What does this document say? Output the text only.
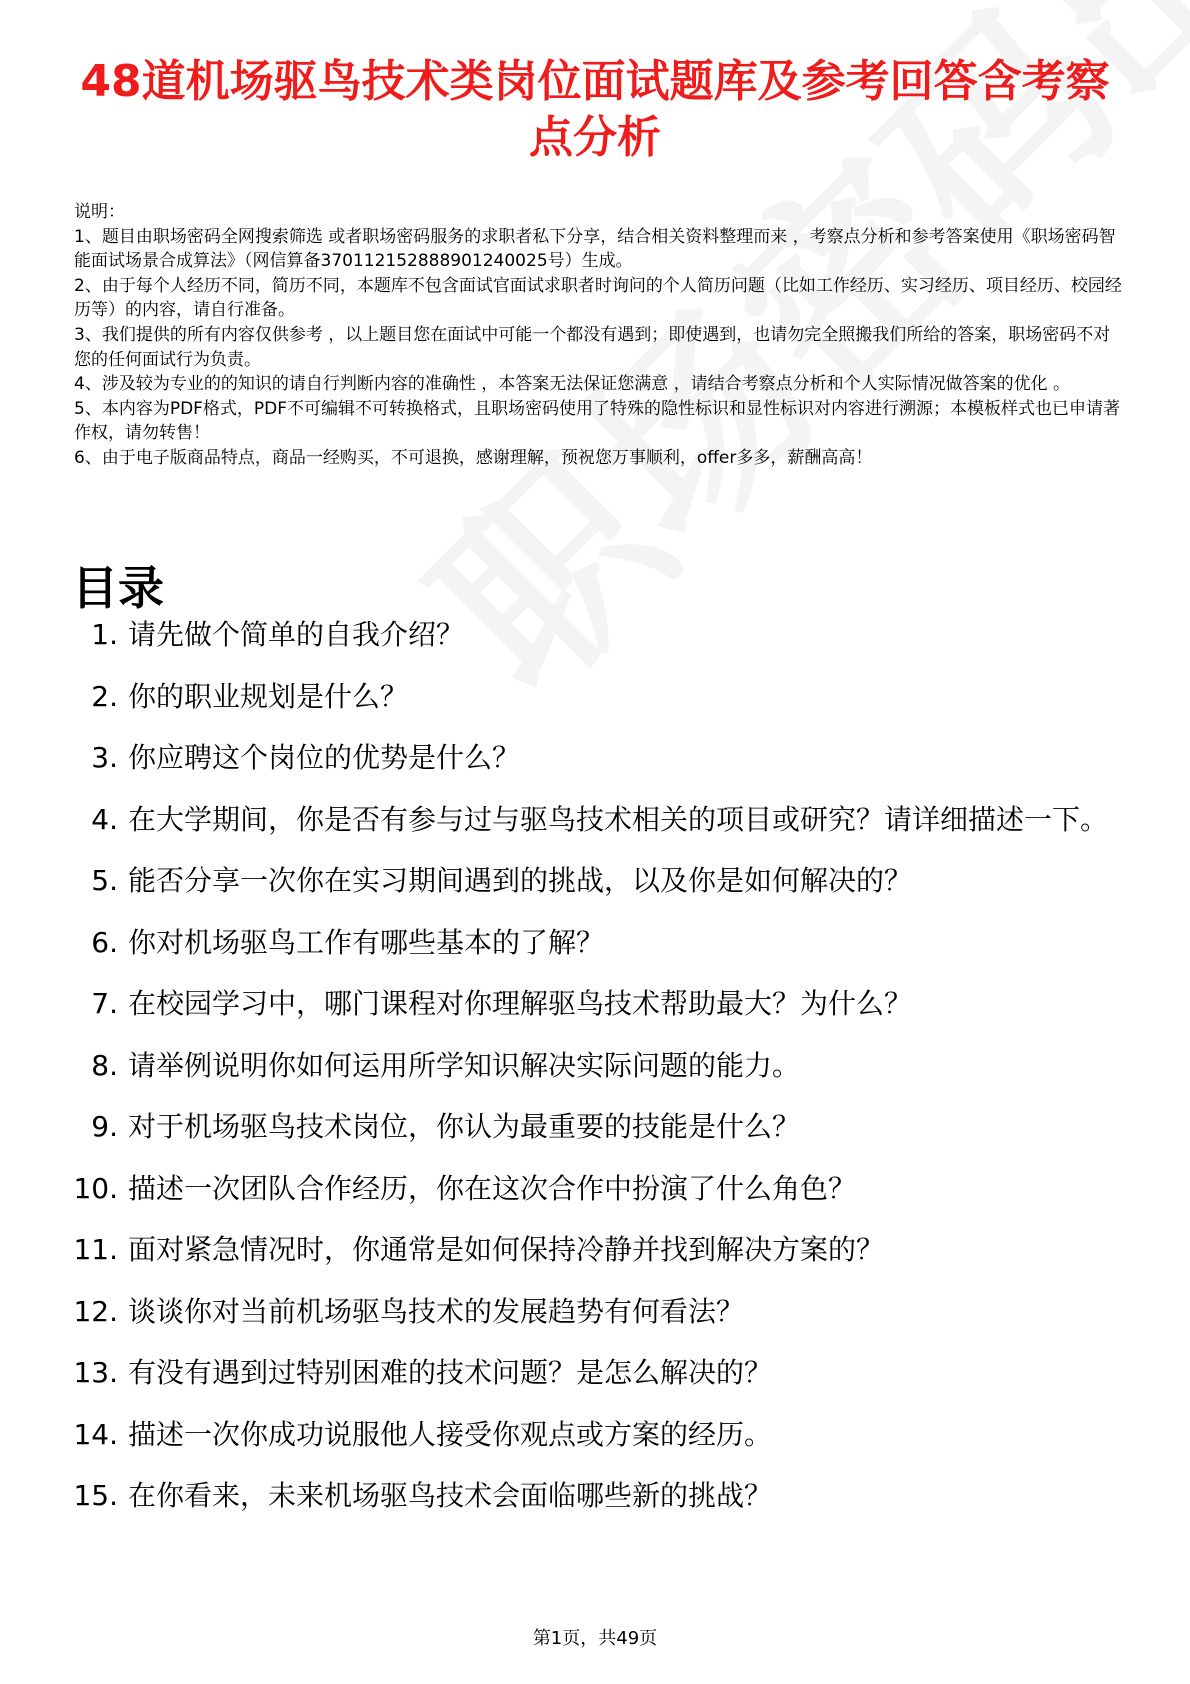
48道机场驱鸟技术类岗位面试题库及参考回答含考察点分析

说明：

1、题目由职场密码全网搜索筛选 或者职场密码服务的求职者私下分享，结合相关资料整理而来 ，考察点分析和参考答案使用《职场密码智能面试场景合成算法》（网信算备370112152888901240025号）生成。

2、由于每个人经历不同，简历不同，本题库不包含面试官面试求职者时询问的个人简历问题（比如工作经历、实习经历、项目经历、校园经历等）的内容，请自行准备。

3、我们提供的所有内容仅供参考 ，以上题目您在面试中可能一个都没有遇到；即使遇到，也请勿完全照搬我们所给的答案，职场密码不对您的任何面试行为负责。

4、涉及较为专业的的知识的请自行判断内容的准确性 ，本答案无法保证您满意 ，请结合考察点分析和个人实际情况做答案的优化 。

5、本内容为PDF格式，PDF不可编辑不可转换格式，且职场密码使用了特殊的隐性标识和显性标识对内容进行溯源；本模板样式也已申请著作权，请勿转售！

6、由于电子版商品特点，商品一经购买，不可退换，感谢理解，预祝您万事顺利，offer多多，薪酬高高！

目录
1. 请先做个简单的自我介绍？
2. 你的职业规划是什么？
3. 你应聘这个岗位的优势是什么？
4. 在大学期间，你是否有参与过与驱鸟技术相关的项目或研究？请详细描述一下。
5. 能否分享一次你在实习期间遇到的挑战，以及你是如何解决的？
6. 你对机场驱鸟工作有哪些基本的了解？
7. 在校园学习中，哪门课程对你理解驱鸟技术帮助最大？为什么？
8. 请举例说明你如何运用所学知识解决实际问题的能力。
9. 对于机场驱鸟技术岗位，你认为最重要的技能是什么？
10. 描述一次团队合作经历，你在这次合作中扮演了什么角色？
11. 面对紧急情况时，你通常是如何保持冷静并找到解决方案的？
12. 谈谈你对当前机场驱鸟技术的发展趋势有何看法？
13. 有没有遇到过特别困难的技术问题？是怎么解决的？
14. 描述一次你成功说服他人接受你观点或方案的经历。
15. 在你看来，未来机场驱鸟技术会面临哪些新的挑战？
第1页，共49页
